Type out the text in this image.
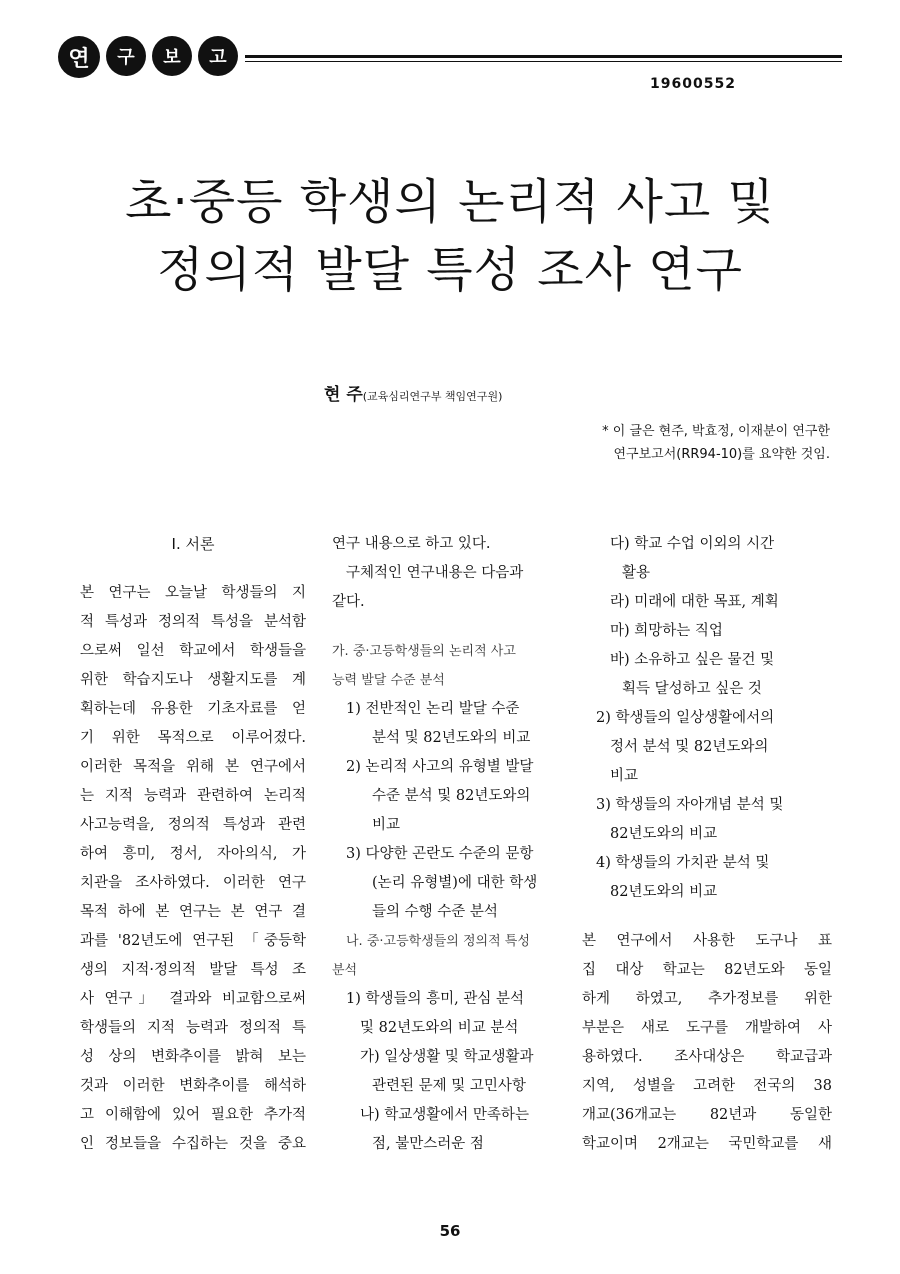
연	구	보	고
19600552
초·중등 학생의 논리적 사고 및
정의적 발달 특성 조사 연구
현 주(교육심리연구부 책임연구원)
* 이 글은 현주, 박효정, 이재분이 연구한
연구보고서(RR94-10)를 요약한 것임.
I. 서론

본 연구는 오늘날 학생들의 지

적 특성과 정의적 특성을 분석함

으로써 일선 학교에서 학생들을

위한 학습지도나 생활지도를 계

획하는데 유용한 기초자료를 얻

기 위한 목적으로 이루어졌다.

이러한 목적을 위해 본 연구에서

는 지적 능력과 관련하여 논리적

사고능력을, 정의적 특성과 관련

하여 흥미, 정서, 자아의식, 가

치관을 조사하였다. 이러한 연구

목적 하에 본 연구는 본 연구 결

과를 '82년도에 연구된 「중등학

생의 지적·정의적 발달 특성 조

사 연구」 결과와 비교함으로써

학생들의 지적 능력과 정의적 특

성 상의 변화추이를 밝혀 보는

것과 이러한 변화추이를 해석하

고 이해함에 있어 필요한 추가적

인 정보들을 수집하는 것을 중요

연구 내용으로 하고 있다.

구체적인 연구내용은 다음과

같다.

가. 중·고등학생들의 논리적 사고

능력 발달 수준 분석

1) 전반적인 논리 발달 수준

분석 및 82년도와의 비교

2) 논리적 사고의 유형별 발달

수준 분석 및 82년도와의

비교

3) 다양한 곤란도 수준의 문항

(논리 유형별)에 대한 학생

들의 수행 수준 분석

나. 중·고등학생들의 정의적 특성

분석

1) 학생들의 흥미, 관심 분석

및 82년도와의 비교 분석

가) 일상생활 및 학교생활과

관련된 문제 및 고민사항

나) 학교생활에서 만족하는

점, 불만스러운 점

다) 학교 수업 이외의 시간

활용

라) 미래에 대한 목표, 계획

마) 희망하는 직업

바) 소유하고 싶은 물건 및

획득 달성하고 싶은 것

2) 학생들의 일상생활에서의

정서 분석 및 82년도와의

비교

3) 학생들의 자아개념 분석 및

82년도와의 비교

4) 학생들의 가치관 분석 및

82년도와의 비교

본 연구에서 사용한 도구나 표

집 대상 학교는 82년도와 동일

하게 하였고, 추가정보를 위한

부분은 새로 도구를 개발하여 사

용하였다. 조사대상은 학교급과

지역, 성별을 고려한 전국의 38

개교(36개교는 82년과 동일한

학교이며 2개교는 국민학교를 새

56
